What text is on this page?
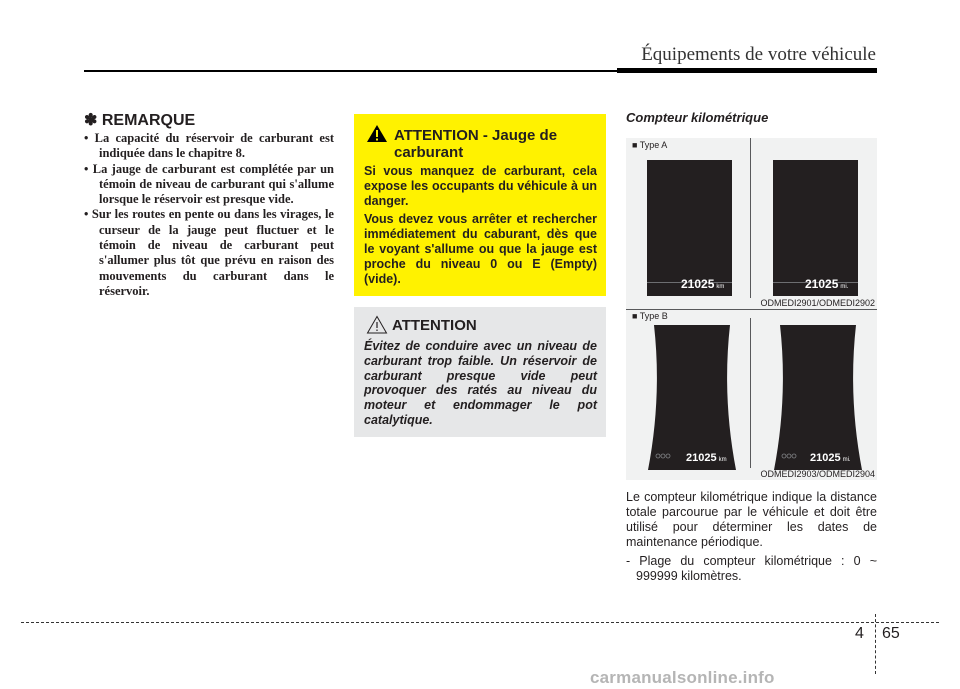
Équipements de votre véhicule
✽ REMARQUE
• La capacité du réservoir de carburant est indiquée dans le chapitre 8.
• La jauge de carburant est complétée par un témoin de niveau de carburant qui s'allume lorsque le réservoir est presque vide.
• Sur les routes en pente ou dans les virages, le curseur de la jauge peut fluctuer et le témoin de niveau de carburant peut s'allumer plus tôt que prévu en raison des mouvements du carburant dans le réservoir.
ATTENTION - Jauge de
carburant

Si vous manquez de carburant, cela expose les occupants du véhicule à un danger.

Vous devez vous arrêter et rechercher immédiatement du caburant, dès que le voyant s'allume ou que la jauge est proche du niveau 0 ou E (Empty) (vide).

ATTENTION
Évitez de conduire avec un niveau de carburant trop faible. Un réservoir de carburant presque vide peut provoquer des ratés au niveau du moteur et endommager le pot catalytique.
Compteur kilométrique
■ Type A
21025 km	21025 mi.
ODMEDI2901/ODMEDI2902
■ Type B
21025 km	21025 mi.
ODMEDI2903/ODMEDI2904

Le compteur kilométrique indique la distance totale parcourue par le véhicule et doit être utilisé pour déterminer les dates de maintenance périodique.

- Plage du compteur kilométrique : 0 ~ 999999 kilomètres.

4 65
carmanualsonline.info
